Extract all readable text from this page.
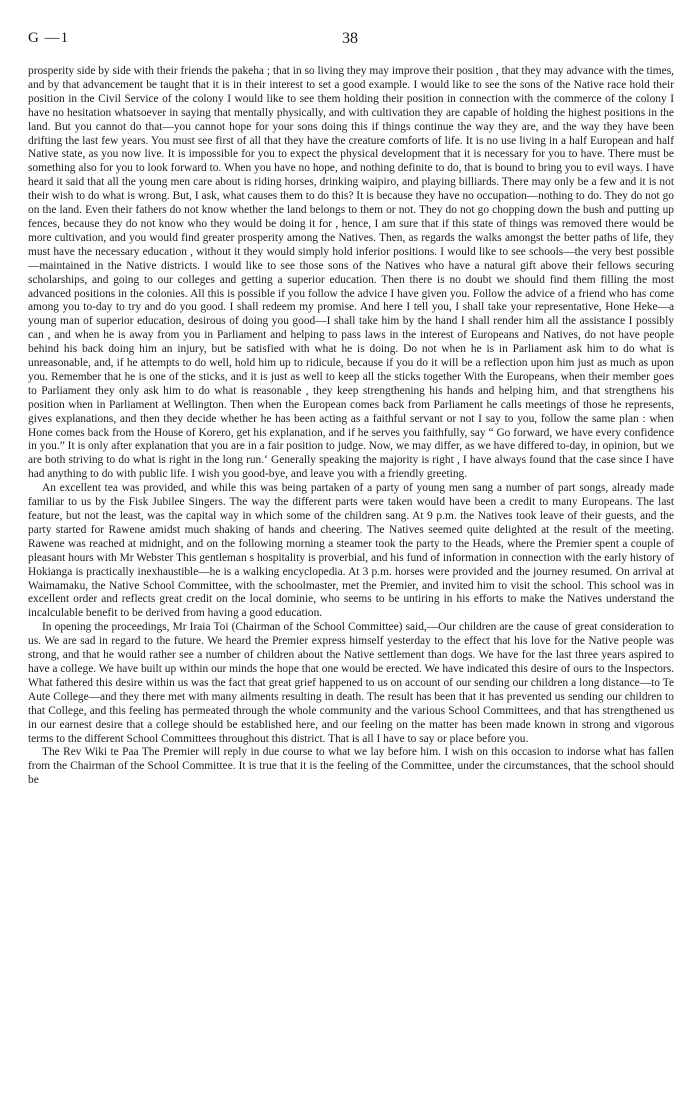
G —1	38

prosperity side by side with their friends the pakeha ; that in so living they may improve their position , that they may advance with the times, and by that advancement be taught that it is in their interest to set a good example. I would like to see the sons of the Native race hold their position in the Civil Service of the colony I would like to see them holding their position in connection with the commerce of the colony I have no hesitation whatsoever in saying that mentally physically, and with cultivation they are capable of holding the highest positions in the land. But you cannot do that—you cannot hope for your sons doing this if things continue the way they are, and the way they have been drifting the last few years. You must see first of all that they have the creature comforts of life. It is no use living in a half European and half Native state, as you now live. It is impossible for you to expect the physical development that it is necessary for you to have. There must be something also for you to look forward to. When you have no hope, and nothing definite to do, that is bound to bring you to evil ways. I have heard it said that all the young men care about is riding horses, drinking waipiro, and playing billiards. There may only be a few and it is not their wish to do what is wrong. But, I ask, what causes them to do this? It is because they have no occupation—nothing to do. They do not go on the land. Even their fathers do not know whether the land belongs to them or not. They do not go chopping down the bush and putting up fences, because they do not know who they would be doing it for , hence, I am sure that if this state of things was removed there would be more cultivation, and you would find greater prosperity among the Natives. Then, as regards the walks amongst the better paths of life, they must have the necessary education , without it they would simply hold inferior positions. I would like to see schools—the very best possible—maintained in the Native districts. I would like to see those sons of the Natives who have a natural gift above their fellows securing scholarships, and going to our colleges and getting a superior education. Then there is no doubt we should find them filling the most advanced positions in the colonies. All this is possible if you follow the advice I have given you. Follow the advice of a friend who has come among you to-day to try and do you good. I shall redeem my promise. And here I tell you, I shall take your representative, Hone Heke—a young man of superior education, desirous of doing you good—I shall take him by the hand I shall render him all the assistance I possibly can , and when he is away from you in Parliament and helping to pass laws in the interest of Europeans and Natives, do not have people behind his back doing him an injury, but be satisfied with what he is doing. Do not when he is in Parliament ask him to do what is unreasonable, and, if he attempts to do well, hold him up to ridicule, because if you do it will be a reflection upon him just as much as upon you. Remember that he is one of the sticks, and it is just as well to keep all the sticks together With the Europeans, when their member goes to Parliament they only ask him to do what is reasonable , they keep strengthening his hands and helping him, and that strengthens his position when in Parliament at Wellington. Then when the European comes back from Parliament he calls meetings of those he represents, gives explanations, and then they decide whether he has been acting as a faithful servant or not I say to you, follow the same plan : when Hone comes back from the House of Korero, get his explanation, and if he serves you faithfully, say “ Go forward, we have every confidence in you.” It is only after explanation that you are in a fair position to judge. Now, we may differ, as we have differed to-day, in opinion, but we are both striving to do what is right in the long run.‘ Generally speaking the majority is right , I have always found that the case since I have had anything to do with public life. I wish you good-bye, and leave you with a friendly greeting.

An excellent tea was provided, and while this was being partaken of a party of young men sang a number of part songs, already made familiar to us by the Fisk Jubilee Singers. The way the different parts were taken would have been a credit to many Europeans. The last feature, but not the least, was the capital way in which some of the children sang. At 9 p.m. the Natives took leave of their guests, and the party started for Rawene amidst much shaking of hands and cheering. The Natives seemed quite delighted at the result of the meeting. Rawene was reached at midnight, and on the following morning a steamer took the party to the Heads, where the Premier spent a couple of pleasant hours with Mr Webster This gentleman s hospitality is proverbial, and his fund of information in connection with the early history of Hokianga is practically inexhaustible—he is a walking encyclopedia. At 3 p.m. horses were provided and the journey resumed. On arrival at Waimamaku, the Native School Committee, with the schoolmaster, met the Premier, and invited him to visit the school. This school was in excellent order and reflects great credit on the local dominie, who seems to be untiring in his efforts to make the Natives understand the incalculable benefit to be derived from having a good education.

In opening the proceedings, Mr Iraia Toi (Chairman of the School Committee) said,—Our children are the cause of great consideration to us. We are sad in regard to the future. We heard the Premier express himself yesterday to the effect that his love for the Native people was strong, and that he would rather see a number of children about the Native settlement than dogs. We have for the last three years aspired to have a college. We have built up within our minds the hope that one would be erected. We have indicated this desire of ours to the Inspectors. What fathered this desire within us was the fact that great grief happened to us on account of our sending our children a long distance—to Te Aute College—and they there met with many ailments resulting in death. The result has been that it has prevented us sending our children to that College, and this feeling has permeated through the whole community and the various School Committees, and that has strengthened us in our earnest desire that a college should be established here, and our feeling on the matter has been made known in strong and vigorous terms to the different School Committees throughout this district. That is all I have to say or place before you.

The Rev Wiki te Paa The Premier will reply in due course to what we lay before him. I wish on this occasion to indorse what has fallen from the Chairman of the School Committee. It is true that it is the feeling of the Committee, under the circumstances, that the school should be
